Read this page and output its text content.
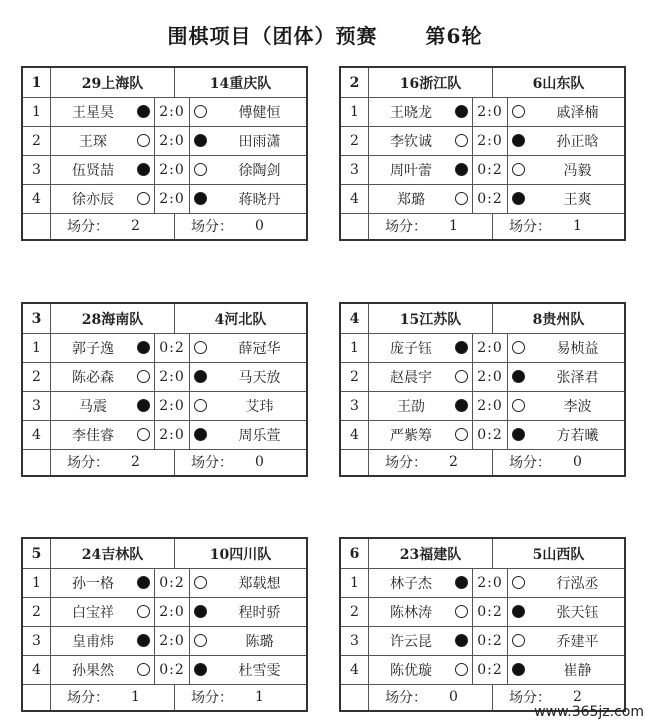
围棋项目（团体）预赛 第6轮
1	29上海队	14重庆队
1	王星昊	2:0	傅健恒
2	王琛	2:0	田雨潇
3	伍贤喆	2:0	徐陶剑
4	徐亦辰	2:0	蒋晓丹
场分： 2	场分： 0
2	16浙江队	6山东队
1	王晓龙	2:0	戚泽楠
2	李钦诚	2:0	孙正晗
3	周叶蕾	0:2	冯毅
4	郑璐	0:2	王爽
场分： 1	场分： 1
3	28海南队	4河北队
1	郭子逸	0:2	薛冠华
2	陈必森	2:0	马天放
3	马震	2:0	艾玮
4	李佳睿	2:0	周乐萱
场分： 2	场分： 0
4	15江苏队	8贵州队
1	庞子钰	2:0	易桢益
2	赵晨宇	2:0	张泽君
3	王劭	2:0	李波
4	严紫筹	0:2	方若曦
场分： 2	场分： 0
5	24吉林队	10四川队
1	孙一格	0:2	郑载想
2	白宝祥	2:0	程时骄
3	皇甫炜	2:0	陈璐
4	孙果然	0:2	杜雪雯
场分： 1	场分： 1
6	23福建队	5山西队
1	林子杰	2:0	行泓丞
2	陈林涛	0:2	张天钰
3	许云昆	0:2	乔建平
4	陈优璇	0:2	崔静
场分： 0	场分： 2
www.365jz.com
